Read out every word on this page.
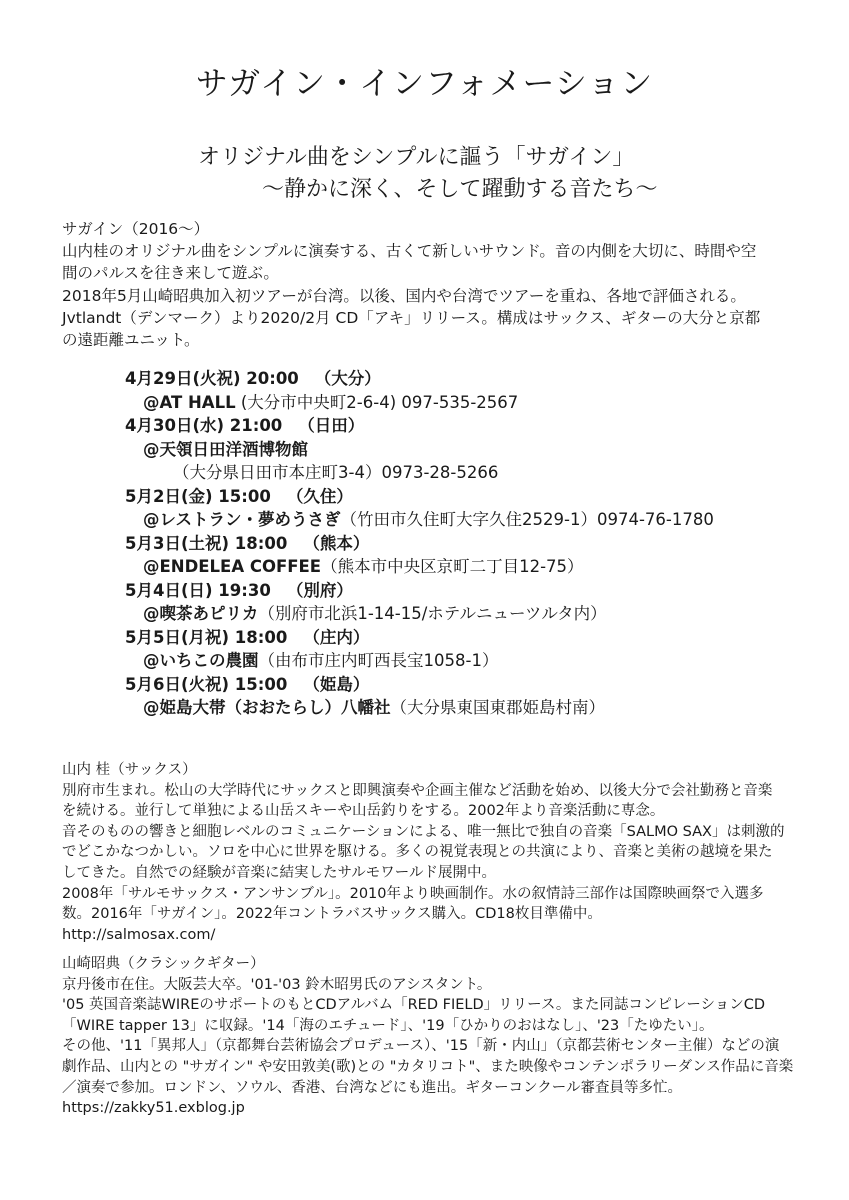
サガイン・インフォメーション
オリジナル曲をシンプルに謳う「サガイン」
〜静かに深く、そして躍動する音たち〜

サガイン（2016〜）

山内桂のオリジナル曲をシンプルに演奏する、古くて新しいサウンド。音の内側を大切に、時間や空

間のパルスを往き来して遊ぶ。

2018年5月山崎昭典加入初ツアーが台湾。以後、国内や台湾でツアーを重ね、各地で評価される。

Jvtlandt（デンマーク）より2020/2月 CD「アキ」リリース。構成はサックス、ギターの大分と京都

の遠距離ユニット。

4月29日(火祝) 20:00 （大分）
@AT HALL (大分市中央町2-6-4) 097-535-2567
4月30日(水) 21:00 （日田）
@天領日田洋酒博物館
（大分県日田市本庄町3-4）0973-28-5266
5月2日(金) 15:00 （久住）
@レストラン・夢めうさぎ（竹田市久住町大字久住2529-1）0974-76-1780
5月3日(土祝) 18:00 （熊本）
@ENDELEA COFFEE（熊本市中央区京町二丁目12-75）
5月4日(日) 19:30 （別府）
@喫茶あピリカ（別府市北浜1-14-15/ホテルニューツルタ内）
5月5日(月祝) 18:00 （庄内）
@いちこの農園（由布市庄内町西長宝1058-1）
5月6日(火祝) 15:00 （姫島）
@姫島大帯（おおたらし）八幡社（大分県東国東郡姫島村南）

山内 桂（サックス）

別府市生まれ。松山の大学時代にサックスと即興演奏や企画主催など活動を始め、以後大分で会社勤務と音楽

を続ける。並行して単独による山岳スキーや山岳釣りをする。2002年より音楽活動に専念。

音そのものの響きと細胞レベルのコミュニケーションによる、唯一無比で独自の音楽「SALMO SAX」は刺激的

でどこかなつかしい。ソロを中心に世界を駆ける。多くの視覚表現との共演により、音楽と美術の越境を果た

してきた。自然での経験が音楽に結実したサルモワールド展開中。

2008年「サルモサックス・アンサンブル」。2010年より映画制作。水の叙情詩三部作は国際映画祭で入選多

数。2016年「サガイン」。2022年コントラバスサックス購入。CD18枚目準備中。

http://salmosax.com/

山崎昭典（クラシックギター）

京丹後市在住。大阪芸大卒。'01-'03 鈴木昭男氏のアシスタント。

'05 英国音楽誌WIREのサポートのもとCDアルバム「RED FIELD」リリース。また同誌コンピレーションCD

「WIRE tapper 13」に収録。'14「海のエチュード」、'19「ひかりのおはなし」、'23「たゆたい」。

その他、'11「異邦人」（京都舞台芸術協会プロデュース）、'15「新・内山」（京都芸術センター主催）などの演

劇作品、山内との "サガイン" や安田敦美(歌)との "カタリコト"、また映像やコンテンポラリーダンス作品に音楽

／演奏で参加。ロンドン、ソウル、香港、台湾などにも進出。ギターコンクール審査員等多忙。

https://zakky51.exblog.jp
